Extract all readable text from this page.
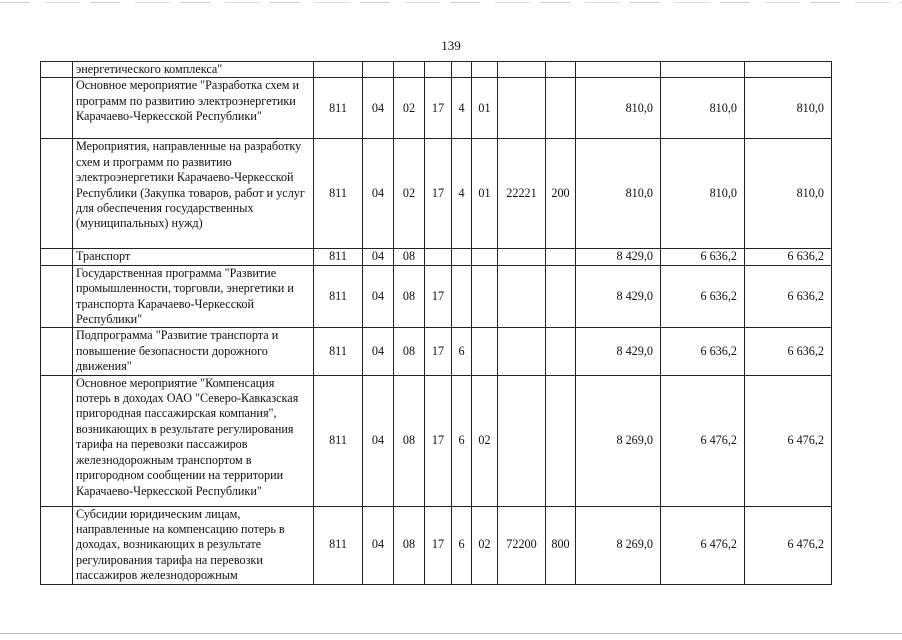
139
	энергетического комплекса"											
	Основное мероприятие "Разработка схем и программ по развитию электроэнергетики Карачаево-Черкесской Республики"	811	04	02	17	4	01			810,0	810,0	810,0
	Мероприятия, направленные на разработку схем и программ по развитию электроэнергетики Карачаево-Черкесской Республики (Закупка товаров, работ и услуг для обеспечения государственных (муниципальных) нужд)	811	04	02	17	4	01	22221	200	810,0	810,0	810,0
	Транспорт	811	04	08						8 429,0	6 636,2	6 636,2
	Государственная программа "Развитие промышленности, торговли, энергетики и транспорта Карачаево-Черкесской Республики"	811	04	08	17					8 429,0	6 636,2	6 636,2
	Подпрограмма "Развитие транспорта и повышение безопасности дорожного движения"	811	04	08	17	6				8 429,0	6 636,2	6 636,2
	Основное мероприятие "Компенсация потерь в доходах ОАО "Северо-Кавказская пригородная пассажирская компания", возникающих в результате регулирования тарифа на перевозки пассажиров железнодорожным транспортом в пригородном сообщении на территории Карачаево-Черкесской Республики"	811	04	08	17	6	02			8 269,0	6 476,2	6 476,2
	Субсидии юридическим лицам, направленные на компенсацию потерь в доходах, возникающих в результате регулирования тарифа на перевозки пассажиров железнодорожным	811	04	08	17	6	02	72200	800	8 269,0	6 476,2	6 476,2
